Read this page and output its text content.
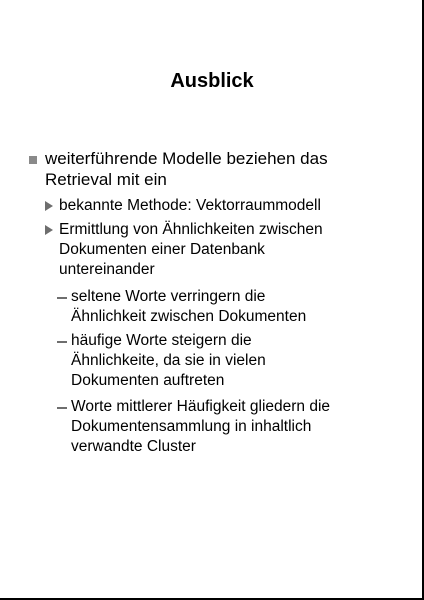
Ausblick
weiterführende Modelle beziehen das
Retrieval mit ein
bekannte Methode: Vektorraummodell
Ermittlung von Ähnlichkeiten zwischen
Dokumenten einer Datenbank
untereinander
seltene Worte verringern die
Ähnlichkeit zwischen Dokumenten
häufige Worte steigern die
Ähnlichkeite, da sie in vielen
Dokumenten auftreten
Worte mittlerer Häufigkeit gliedern die
Dokumentensammlung in inhaltlich
verwandte Cluster
